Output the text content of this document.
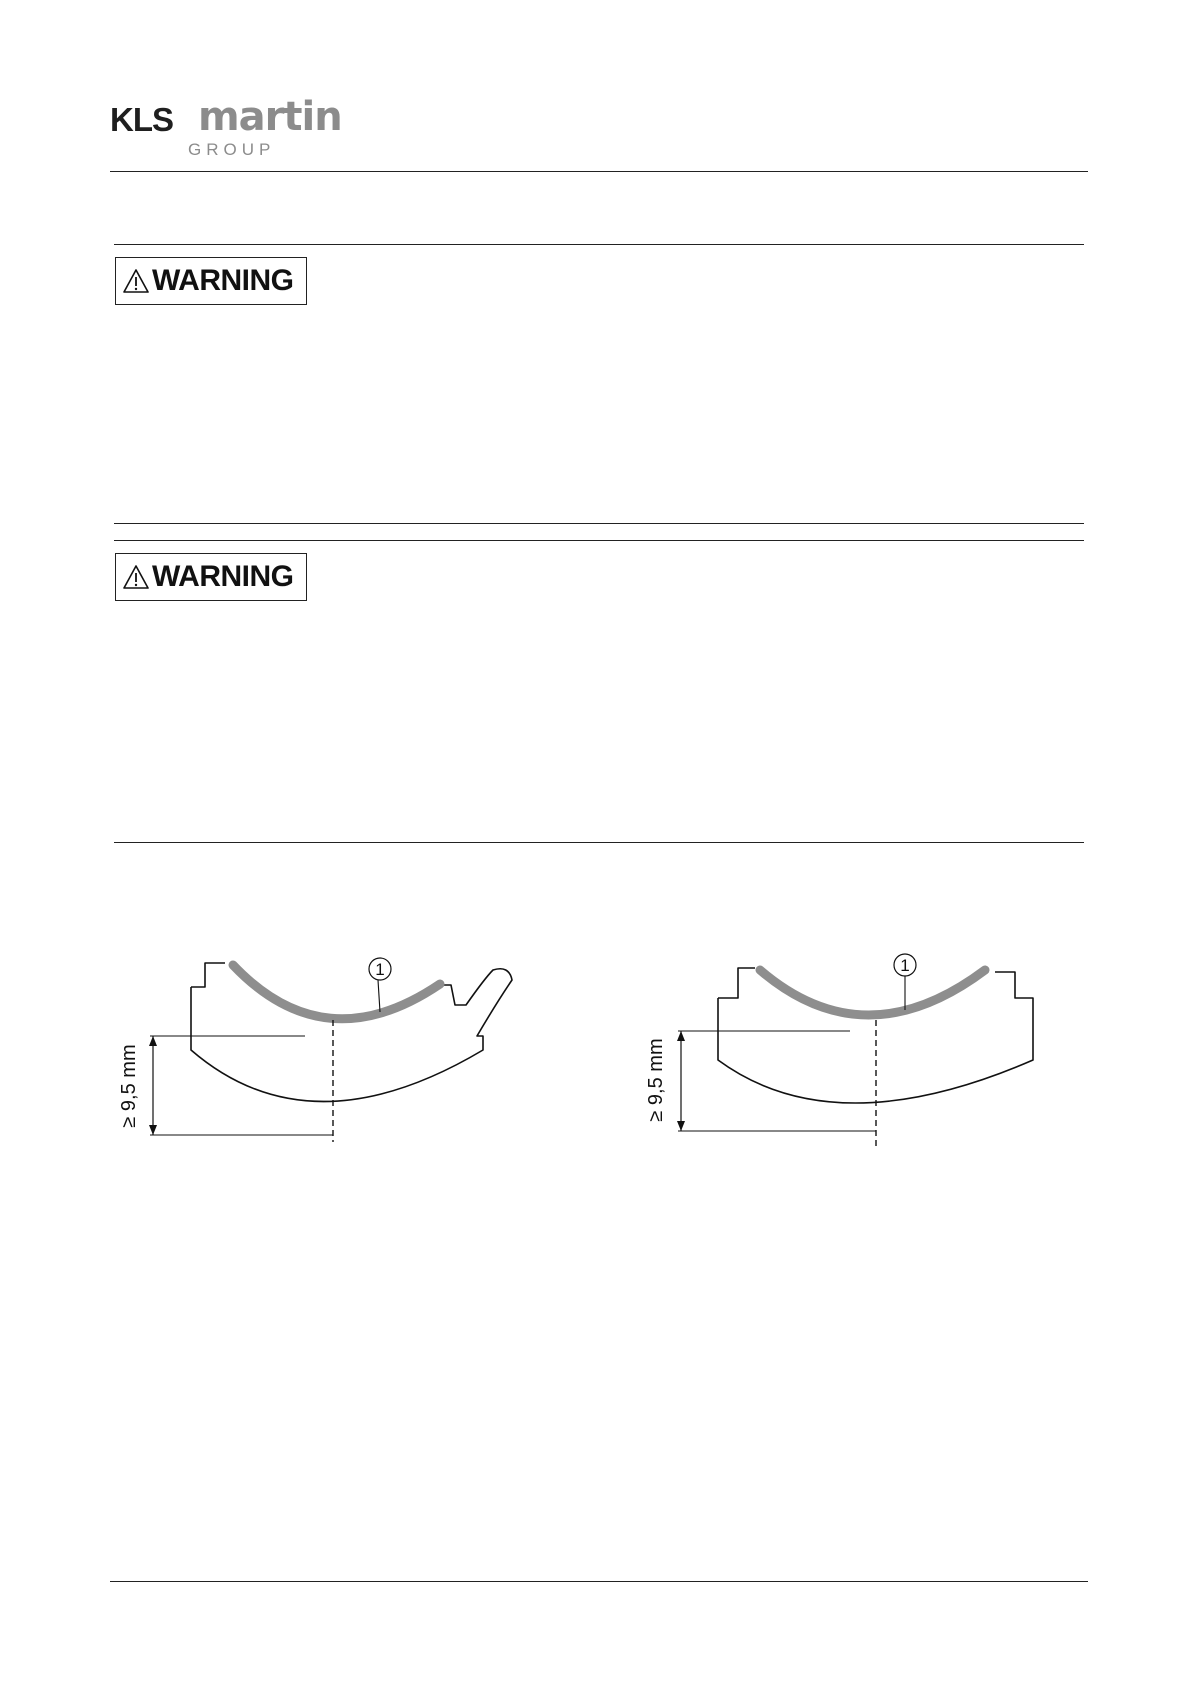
KLS martin
GROUP
WARNING
WARNING
1
≥ 9,5 mm
1
≥ 9,5 mm
